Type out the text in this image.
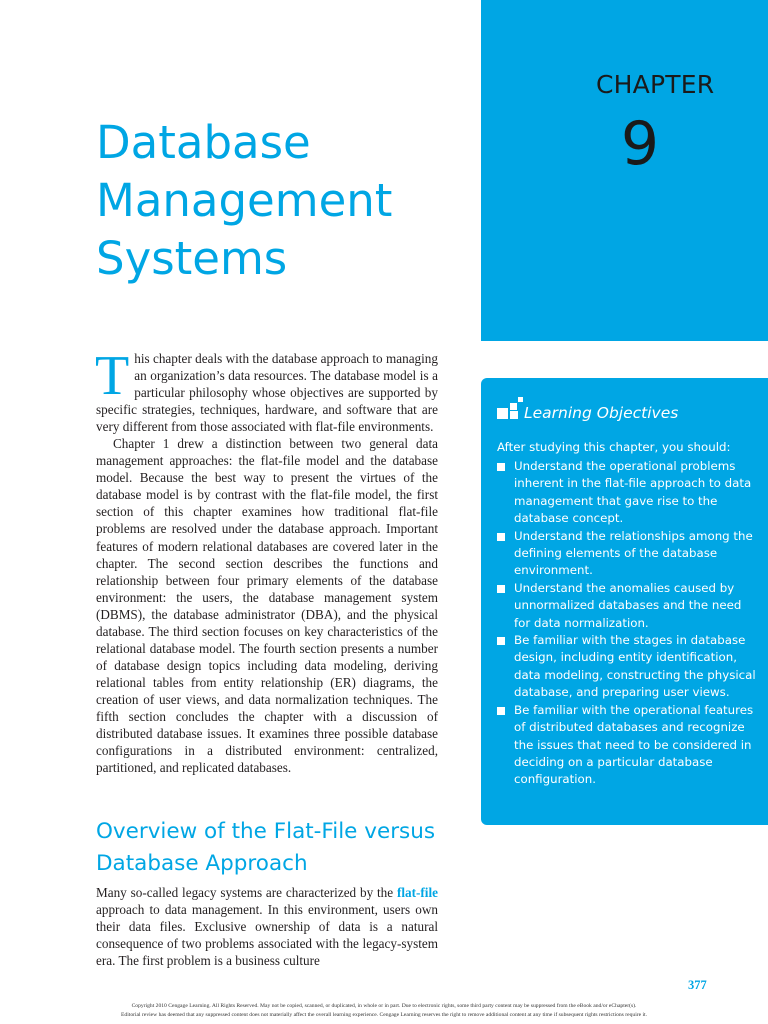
CHAPTER
9
Database
Management
Systems

This chapter deals with the database approach to managing an organization’s data resources. The database model is a particular philosophy whose objectives are supported by specific strategies, techniques, hardware, and software that are very different from those associated with flat-file environments.

Chapter 1 drew a distinction between two general data management approaches: the flat-file model and the database model. Because the best way to present the virtues of the database model is by contrast with the flat-file model, the first section of this chapter examines how traditional flat-file problems are resolved under the database approach. Important features of modern relational databases are covered later in the chapter. The second section describes the functions and relationship between four primary elements of the database environment: the users, the database management system (DBMS), the database administrator (DBA), and the physical database. The third section focuses on key characteristics of the relational database model. The fourth section presents a number of database design topics including data modeling, deriving relational tables from entity relationship (ER) diagrams, the creation of user views, and data normalization techniques. The fifth section concludes the chapter with a discussion of distributed database issues. It examines three possible database configurations in a distributed environment: centralized, partitioned, and replicated databases.

Overview of the Flat-File versus
Database Approach

Many so-called legacy systems are characterized by the flat-file approach to data management. In this environment, users own their data files. Exclusive ownership of data is a natural consequence of two problems associated with the legacy-system era. The first problem is a business culture

Learning Objectives
After studying this chapter, you should:
Understand the operational problems inherent in the flat-file approach to data management that gave rise to the database concept.
Understand the relationships among the defining elements of the database environment.
Understand the anomalies caused by unnormalized databases and the need for data normalization.
Be familiar with the stages in database design, including entity identification, data modeling, constructing the physical database, and preparing user views.
Be familiar with the operational features of distributed databases and recognize the issues that need to be considered in deciding on a particular database configuration.
377
Copyright 2010 Cengage Learning. All Rights Reserved. May not be copied, scanned, or duplicated, in whole or in part. Due to electronic rights, some third party content may be suppressed from the eBook and/or eChapter(s).
Editorial review has deemed that any suppressed content does not materially affect the overall learning experience. Cengage Learning reserves the right to remove additional content at any time if subsequent rights restrictions require it.
